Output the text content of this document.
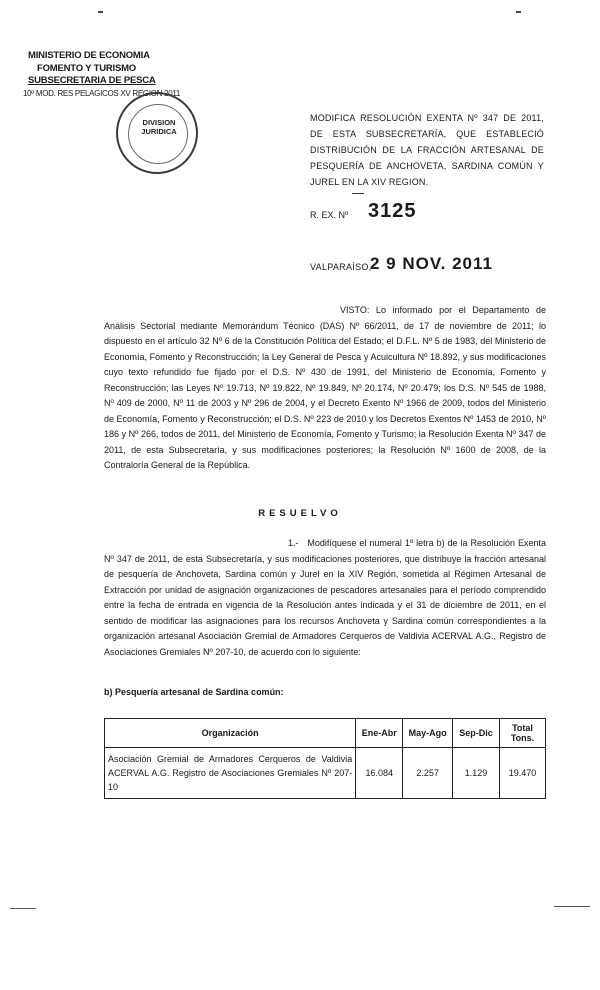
MINISTERIO DE ECONOMIA
FOMENTO Y TURISMO
SUBSECRETARIA DE PESCA
10º MOD. RES PELAGICOS XV REGION 2011
DIVISION
JURIDICA
MODIFICA RESOLUCIÓN EXENTA Nº 347 DE 2011, DE ESTA SUBSECRETARÍA, QUE ESTABLECIÓ DISTRIBUCIÓN DE LA FRACCIÓN ARTESANAL DE PESQUERÍA DE ANCHOVETA, SARDINA COMÚN Y JUREL EN LA XIV REGION.
R. EX. Nº 3125
VALPARAÍSO,
2 9 NOV. 2011
VISTO: Lo informado por el Departamento de Análisis Sectorial mediante Memorándum Técnico (DAS) Nº 66/2011, de 17 de noviembre de 2011; lo dispuesto en el artículo 32 Nº 6 de la Constitución Política del Estado; el D.F.L. Nº 5 de 1983, del Ministerio de Economía, Fomento y Reconstrucción; la Ley General de Pesca y Acuicultura Nº 18.892, y sus modificaciones cuyo texto refundido fue fijado por el D.S. Nº 430 de 1991, del Ministerio de Economía, Fomento y Reconstrucción; las Leyes Nº 19.713, Nº 19.822, Nº 19.849, Nº 20.174, Nº 20.479; los D.S. Nº 545 de 1988, Nº 409 de 2000, Nº 11 de 2003 y Nº 296 de 2004, y el Decreto Exento Nº 1966 de 2009, todos del Ministerio de Economía, Fomento y Reconstrucción; el D.S. Nº 223 de 2010 y los Decretos Exentos Nº 1453 de 2010, Nº 186 y Nº 266, todos de 2011, del Ministerio de Economía, Fomento y Turismo; la Resolución Exenta Nº 347 de 2011, de esta Subsecretaría, y sus modificaciones posteriores; la Resolución Nº 1600 de 2008, de la Contraloría General de la República.
RESUELVO
1.- Modifíquese el numeral 1º letra b) de la Resolución Exenta Nº 347 de 2011, de esta Subsecretaría, y sus modificaciones posteriores, que distribuye la fracción artesanal de pesquería de Anchoveta, Sardina común y Jurel en la XIV Región, sometida al Régimen Artesanal de Extracción por unidad de asignación organizaciones de pescadores artesanales para el período comprendido entre la fecha de entrada en vigencia de la Resolución antes indicada y el 31 de diciembre de 2011, en el sentido de modificar las asignaciones para los recursos Anchoveta y Sardina común correspondientes a la organización artesanal Asociación Gremial de Armadores Cerqueros de Valdivia ACERVAL A.G., Registro de Asociaciones Gremiales Nº 207-10, de acuerdo con lo siguiente:
b) Pesquería artesanal de Sardina común:
Organización	Ene-Abr	May-Ago	Sep-Dic	Total Tons.
Asociación Gremial de Armadores Cerqueros de Valdivia ACERVAL A.G. Registro de Asociaciones Gremiales Nº 207-10	16.084	2.257	1.129	19.470
